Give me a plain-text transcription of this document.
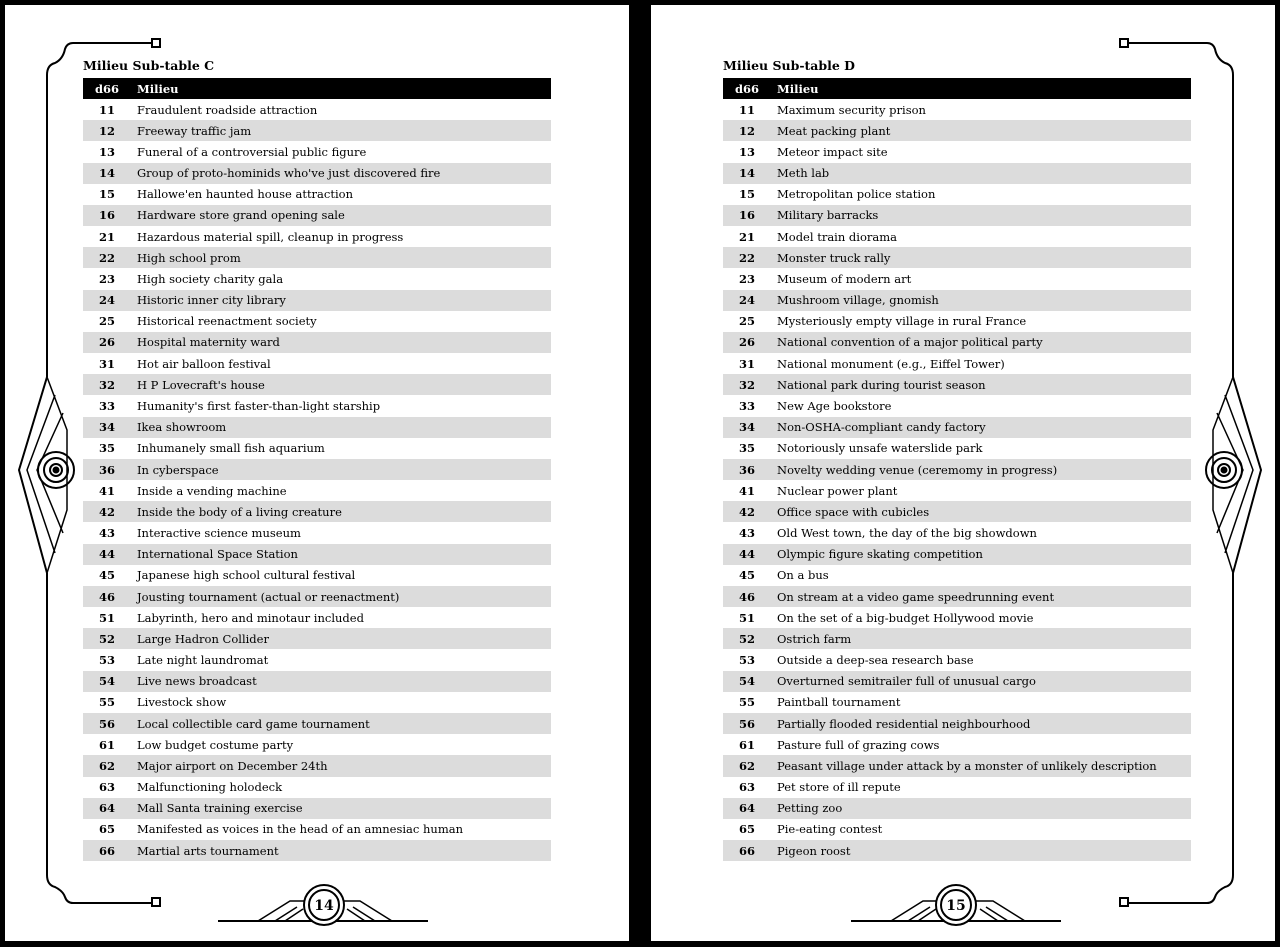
Milieu Sub-table C
d66	Milieu
11	Fraudulent roadside attraction
12	Freeway traffic jam
13	Funeral of a controversial public figure
14	Group of proto-hominids who've just discovered fire
15	Hallowe'en haunted house attraction
16	Hardware store grand opening sale
21	Hazardous material spill, cleanup in progress
22	High school prom
23	High society charity gala
24	Historic inner city library
25	Historical reenactment society
26	Hospital maternity ward
31	Hot air balloon festival
32	H P Lovecraft's house
33	Humanity's first faster-than-light starship
34	Ikea showroom
35	Inhumanely small fish aquarium
36	In cyberspace
41	Inside a vending machine
42	Inside the body of a living creature
43	Interactive science museum
44	International Space Station
45	Japanese high school cultural festival
46	Jousting tournament (actual or reenactment)
51	Labyrinth, hero and minotaur included
52	Large Hadron Collider
53	Late night laundromat
54	Live news broadcast
55	Livestock show
56	Local collectible card game tournament
61	Low budget costume party
62	Major airport on December 24th
63	Malfunctioning holodeck
64	Mall Santa training exercise
65	Manifested as voices in the head of an amnesiac human
66	Martial arts tournament
14
Milieu Sub-table D
d66	Milieu
11	Maximum security prison
12	Meat packing plant
13	Meteor impact site
14	Meth lab
15	Metropolitan police station
16	Military barracks
21	Model train diorama
22	Monster truck rally
23	Museum of modern art
24	Mushroom village, gnomish
25	Mysteriously empty village in rural France
26	National convention of a major political party
31	National monument (e.g., Eiffel Tower)
32	National park during tourist season
33	New Age bookstore
34	Non-OSHA-compliant candy factory
35	Notoriously unsafe waterslide park
36	Novelty wedding venue (ceremomy in progress)
41	Nuclear power plant
42	Office space with cubicles
43	Old West town, the day of the big showdown
44	Olympic figure skating competition
45	On a bus
46	On stream at a video game speedrunning event
51	On the set of a big-budget Hollywood movie
52	Ostrich farm
53	Outside a deep-sea research base
54	Overturned semitrailer full of unusual cargo
55	Paintball tournament
56	Partially flooded residential neighbourhood
61	Pasture full of grazing cows
62	Peasant village under attack by a monster of unlikely description
63	Pet store of ill repute
64	Petting zoo
65	Pie-eating contest
66	Pigeon roost
15
